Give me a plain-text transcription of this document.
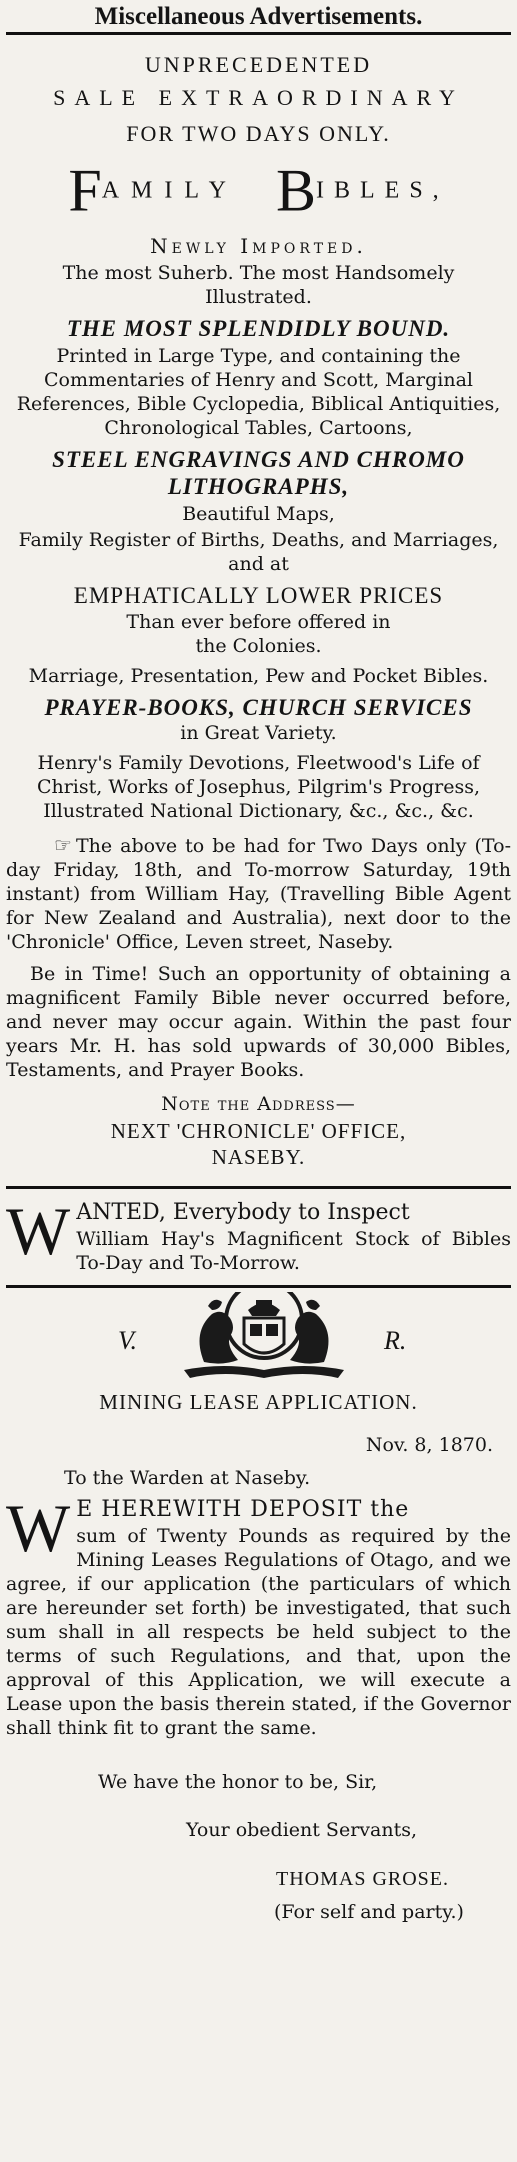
Miscellaneous Advertisements.
UNPRECEDENTED
SALE EXTRAORDINARY
FOR TWO DAYS ONLY.
FAMILY BIBLES,
Newly Imported.

The most Suherb. The most Handsomely Illustrated.

THE MOST SPLENDIDLY BOUND.

Printed in Large Type, and containing the Commentaries of Henry and Scott, Marginal References, Bible Cyclopedia, Biblical Antiquities, Chronological Tables, Cartoons,

STEEL ENGRAVINGS AND CHROMO LITHOGRAPHS,

Beautiful Maps,

Family Register of Births, Deaths, and Marriages, and at

EMPHATICALLY LOWER PRICES

Than ever before offered in the Colonies.

Marriage, Presentation, Pew and Pocket Bibles.

PRAYER-BOOKS, CHURCH SERVICES

in Great Variety.

Henry's Family Devotions, Fleetwood's Life of Christ, Works of Josephus, Pilgrim's Progress, Illustrated National Dictionary, &c., &c., &c.

☞ The above to be had for Two Days only (To-day Friday, 18th, and To-morrow Saturday, 19th instant) from William Hay, (Travelling Bible Agent for New Zealand and Australia), next door to the 'Chronicle' Office, Leven street, Naseby.

Be in Time! Such an opportunity of obtaining a magnificent Family Bible never occurred before, and never may occur again. Within the past four years Mr. H. has sold upwards of 30,000 Bibles, Testaments, and Prayer Books.

Note the Address—
NEXT 'CHRONICLE' OFFICE,
NASEBY.
W ANTED, Everybody to Inspect

William Hay's Magnificent Stock of Bibles To-Day and To-Morrow.

V.	R.
MINING LEASE APPLICATION.
Nov. 8, 1870.

To the Warden at Naseby.

W E HEREWITH DEPOSIT the

sum of Twenty Pounds as required by the Mining Leases Regulations of Otago, and we agree, if our application (the particulars of which are hereunder set forth) be investigated, that such sum shall in all respects be held subject to the terms of such Regulations, and that, upon the approval of this Application, we will execute a Lease upon the basis therein stated, if the Governor shall think fit to grant the same.

We have the honor to be, Sir,

Your obedient Servants,

THOMAS GROSE.

(For self and party.)
